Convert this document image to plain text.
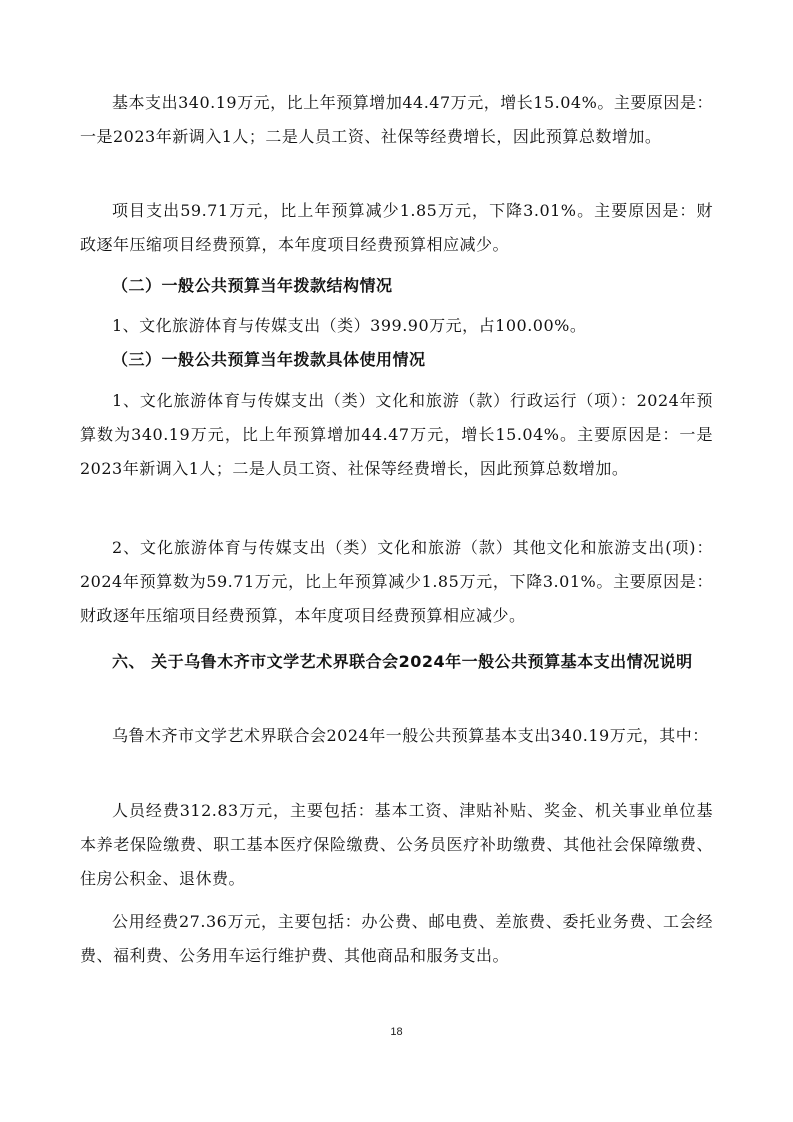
基本支出340.19万元，比上年预算增加44.47万元，增长15.04%。主要原因是：一是2023年新调入1人；二是人员工资、社保等经费增长，因此预算总数增加。

项目支出59.71万元，比上年预算减少1.85万元，下降3.01%。主要原因是：财政逐年压缩项目经费预算，本年度项目经费预算相应减少。

（二）一般公共预算当年拨款结构情况

1、文化旅游体育与传媒支出（类）399.90万元，占100.00%。

（三）一般公共预算当年拨款具体使用情况

1、文化旅游体育与传媒支出（类）文化和旅游（款）行政运行（项）：2024年预算数为340.19万元，比上年预算增加44.47万元，增长15.04%。主要原因是：一是2023年新调入1人；二是人员工资、社保等经费增长，因此预算总数增加。

2、文化旅游体育与传媒支出（类）文化和旅游（款）其他文化和旅游支出(项)：2024年预算数为59.71万元，比上年预算减少1.85万元，下降3.01%。主要原因是：财政逐年压缩项目经费预算，本年度项目经费预算相应减少。

六、 关于乌鲁木齐市文学艺术界联合会2024年一般公共预算基本支出情况说明

乌鲁木齐市文学艺术界联合会2024年一般公共预算基本支出340.19万元，其中：

人员经费312.83万元，主要包括：基本工资、津贴补贴、奖金、机关事业单位基本养老保险缴费、职工基本医疗保险缴费、公务员医疗补助缴费、其他社会保障缴费、住房公积金、退休费。

公用经费27.36万元，主要包括：办公费、邮电费、差旅费、委托业务费、工会经费、福利费、公务用车运行维护费、其他商品和服务支出。

18
